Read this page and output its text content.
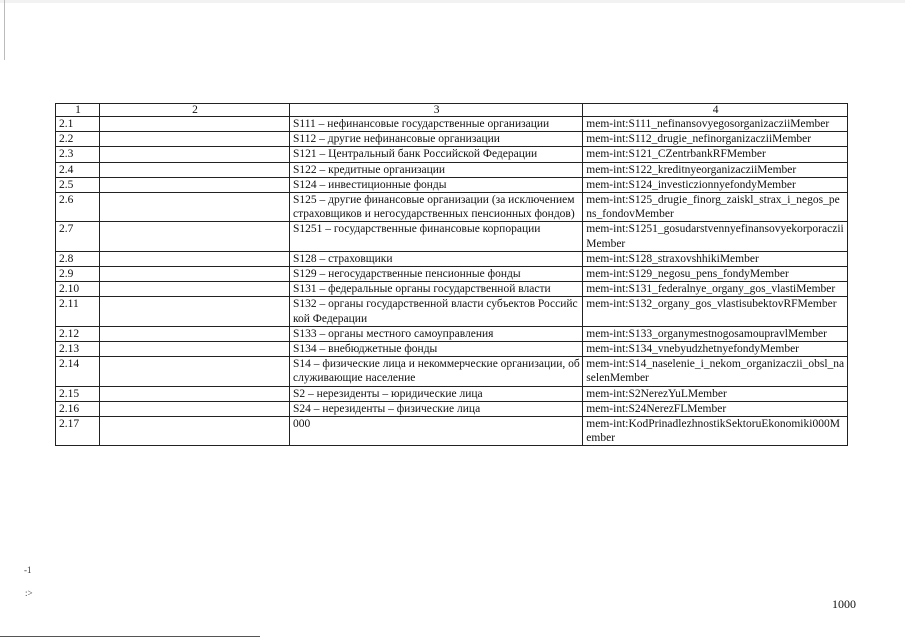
1	2	3	4
2.1		S111 – нефинансовые государственные организации	mem-int:S111_nefinansovyegosorganizacziiMember
2.2		S112 – другие нефинансовые организации	mem-int:S112_drugie_nefinorganizacziiMember
2.3		S121 – Центральный банк Российской Федерации	mem-int:S121_CZentrbankRFMember
2.4		S122 – кредитные организации	mem-int:S122_kreditnyeorganizacziiMember
2.5		S124 – инвестиционные фонды	mem-int:S124_investiczionnyefondyMember
2.6		S125 – другие финансовые организации (за исключением страховщиков и негосударственных пенсионных фондов)	mem-int:S125_drugie_finorg_zaiskl_strax_i_negos_pens_fondovMember
2.7		S1251 – государственные финансовые корпорации	mem-int:S1251_gosudarstvennyefinansovyekorporacziiMember
2.8		S128 – страховщики	mem-int:S128_straxovshhikiMember
2.9		S129 – негосударственные пенсионные фонды	mem-int:S129_negosu_pens_fondyMember
2.10		S131 – федеральные органы государственной власти	mem-int:S131_federalnye_organy_gos_vlastiMember
2.11		S132 – органы государственной власти субъектов Российской Федерации	mem-int:S132_organy_gos_vlastisubektovRFMember
2.12		S133 – органы местного самоуправления	mem-int:S133_organymestnogosamoupravlMember
2.13		S134 – внебюджетные фонды	mem-int:S134_vnebyudzhetnyefondyMember
2.14		S14 – физические лица и некоммерческие организации, обслуживающие население	mem-int:S14_naselenie_i_nekom_organizaczii_obsl_naselenMember
2.15		S2 – нерезиденты – юридические лица	mem-int:S2NerezYuLMember
2.16		S24 – нерезиденты – физические лица	mem-int:S24NerezFLMember
2.17		000	mem-int:KodPrinadlezhnostikSektoruEkonomiki000Member
1000
-1
:>
